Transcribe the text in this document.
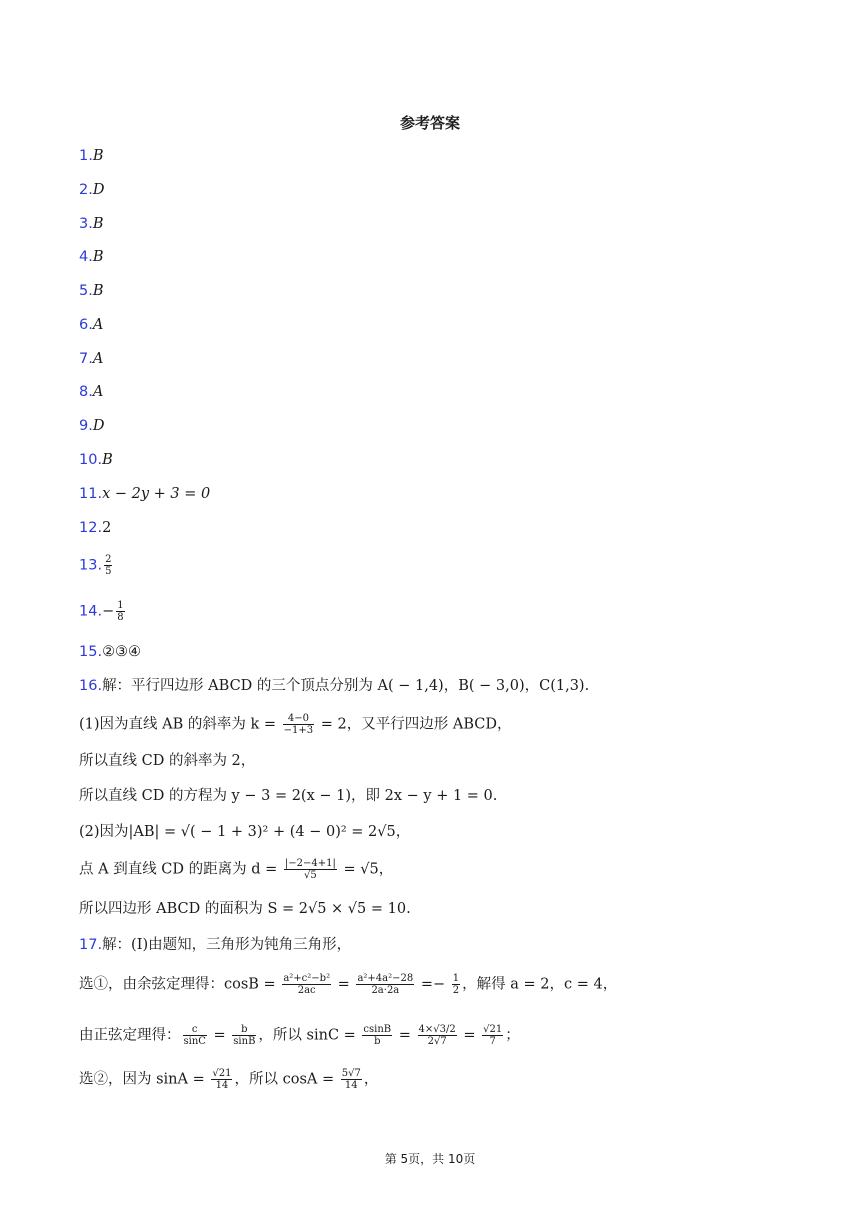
参考答案
1.B
2.D
3.B
4.B
5.B
6.A
7.A
8.A
9.D
10.B
11.x − 2y + 3 = 0
12.2
13. $\frac{2}{5}$
$14.- \frac{1}{8}$
15.②③④
16.解：平行四边形 ABCD 的三个顶点分别为 A( − 1,4)，B( − 3,0)，C(1,3).
(1)因为直线 AB 的斜率为 $k = \frac{4-0}{-1+3} = 2$，又平行四边形 ABCD，
所以直线 CD 的斜率为 2，
所以直线 CD 的方程为 y − 3 = 2(x − 1)，即 2x − y + 1 = 0.
(2)因为|AB| = √( − 1 + 3)² + (4 − 0)² = 2√5，
点 A 到直线 CD 的距离为 $d = \frac{|-2-4+1|}{√5} = √5$，
所以四边形 ABCD 的面积为 S = 2√5 × √5 = 10.
17.解：(I)由题知，三角形为钝角三角形，
选①，由余弦定理得：$\cos B = \frac{\text{a²+c²−b²}}{2ac} = \frac{\text{a²+4a²−28}}{2a\cdot 2a} =- \frac{1}{2}$ ，解得 a = 2，c = 4，
由正弦定理得： $\frac{c}{\sin C} = \frac{b}{\sin B}$ ，所以 $\sin C = \frac{csinB}{b} = \frac{4\times√3/2}{2√7} = \frac{√21}{7}$ ；
选②，因为 $\sin A = \frac{√21}{14}$ ，所以 $\cos A = \frac{5√7}{14}$ ，
第 5页，共 10页
